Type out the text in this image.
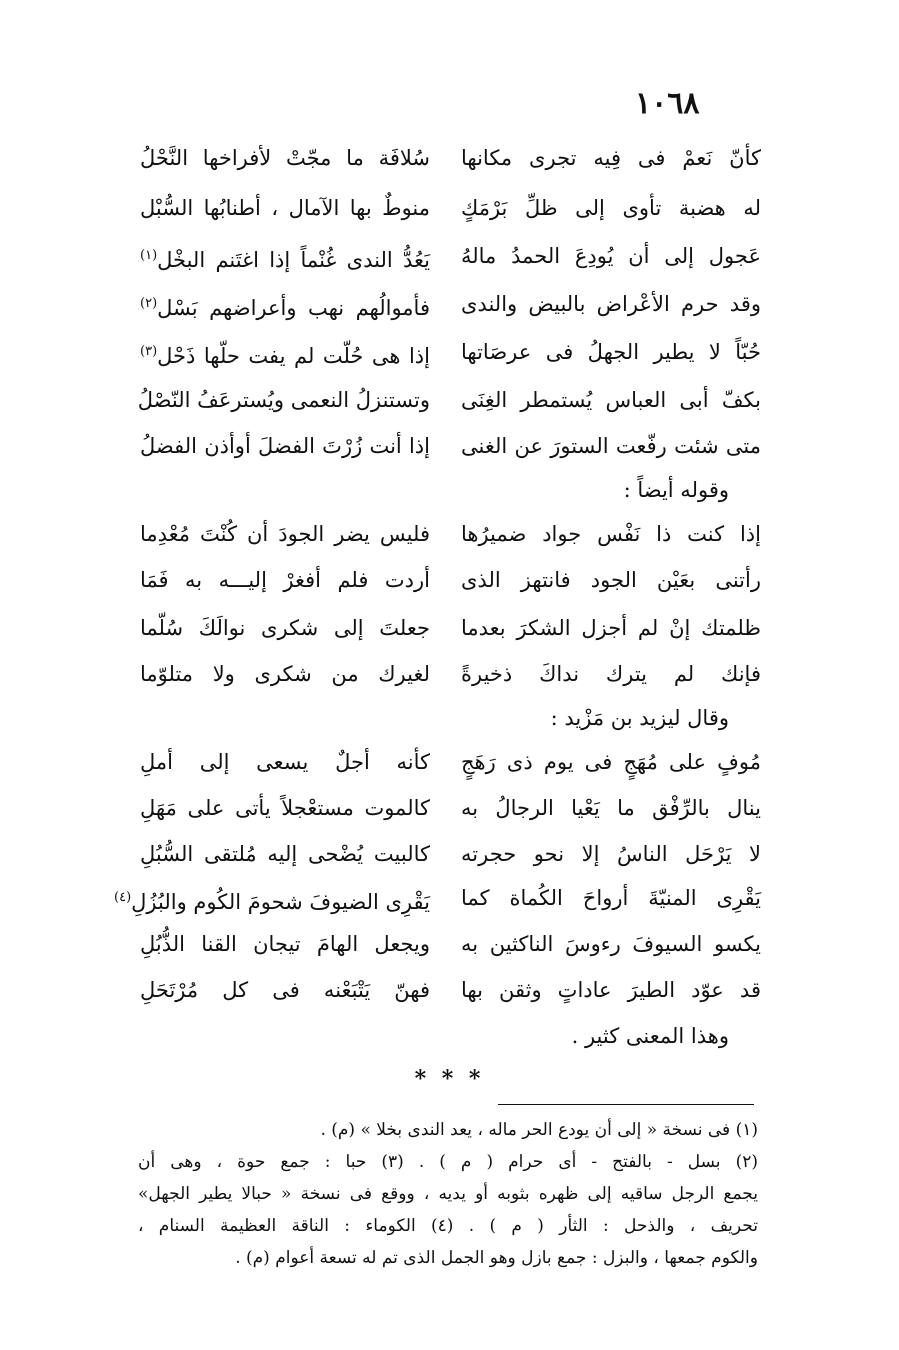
١٠٦٨
كأنّ نَعمْ فى فِيه تجرى مكانها
سُلافَة ما مجّتْ لأفراخها النَّحْلُ
له هضبة تأوى إلى ظلِّ بَرْمَكٍ
منوطٌ بها الآمال ، أطنابُها السُّبْل
عَجول إلى أن يُودِعَ الحمدُ مالهُ
يَعُدُّ الندى غُنْماً إذا اغتَنم البخْل$^{(١)}$
وقد حرم الأعْراض بالبيض والندى
فأموالُهم نهب وأعراضهم بَسْل$^{(٢)}$
حُبّاً لا يطير الجهلُ فى عرصَاتها
إذا هى حُلّت لم يفت حلّها ذَحْل$^{(٣)}$
بكفّ أبى العباس يُستمطر الغِنَى
وتستنزلُ النعمى ويُسترعَفُ النّصْلُ
متى شئت رفّعت الستورَ عن الغنى
إذا أنت زُرْتَ الفضلَ أوأذن الفضلُ
وقوله أيضاً :
إذا كنت ذا نَفْس جواد ضميرُها
فليس يضر الجودَ أن كُنْتَ مُعْدِما
رأتنى بعَيْن الجود فانتهز الذى
أردت فلم أفغرْ إليـــه به فَمَا
ظلمتك إنْ لم أجزل الشكرَ بعدما
جعلتَ إلى شكرى نوالَكَ سُلّما
فإنك لم يترك نداكَ ذخيرةً
لغيرك من شكرى ولا متلوّما
وقال ليزيد بن مَزْيد :
مُوفٍ على مُهَجٍ فى يوم ذى رَهَجٍ
كأنه أجلٌ يسعى إلى أملِ
ينال بالرِّفْق ما يَعْيا الرجالُ به
كالموت مستعْجلاً يأتى على مَهَلِ
لا يَرْحَل الناسُ إلا نحو حجرته
كالبيت يُضْحى إليه مُلتقى السُّبُلِ
يَقْرِى المنيّةَ أرواحَ الكُماة كما
يَقْرِى الضيوفَ شحومَ الكُوم والبُزُلِ$^{(٤)}$
يكسو السيوفَ رءوسَ الناكثين به
ويجعل الهامَ تيجان القنا الذُّبُلِ
قد عوّد الطيرَ عاداتٍ وثقن بها
فهنّ يَتْبَعْنه فى كل مُرْتَحَلِ
وهذا المعنى كثير .
* * *
(١) فى نسخة « إلى أن يودع الحر ماله ، يعد الندى بخلا » (م) .
(٢) بسل - بالفتح - أى حرام ( م ) . (٣) حبا : جمع حوة ، وهى أن
يجمع الرجل ساقيه إلى ظهره بثوبه أو يديه ، ووقع فى نسخة « حبالا يطير الجهل»
تحريف ، والذحل : الثأر ( م ) . (٤) الكوماء : الناقة العظيمة السنام ،
والكوم جمعها ، والبزل : جمع بازل وهو الجمل الذى تم له تسعة أعوام (م) .
